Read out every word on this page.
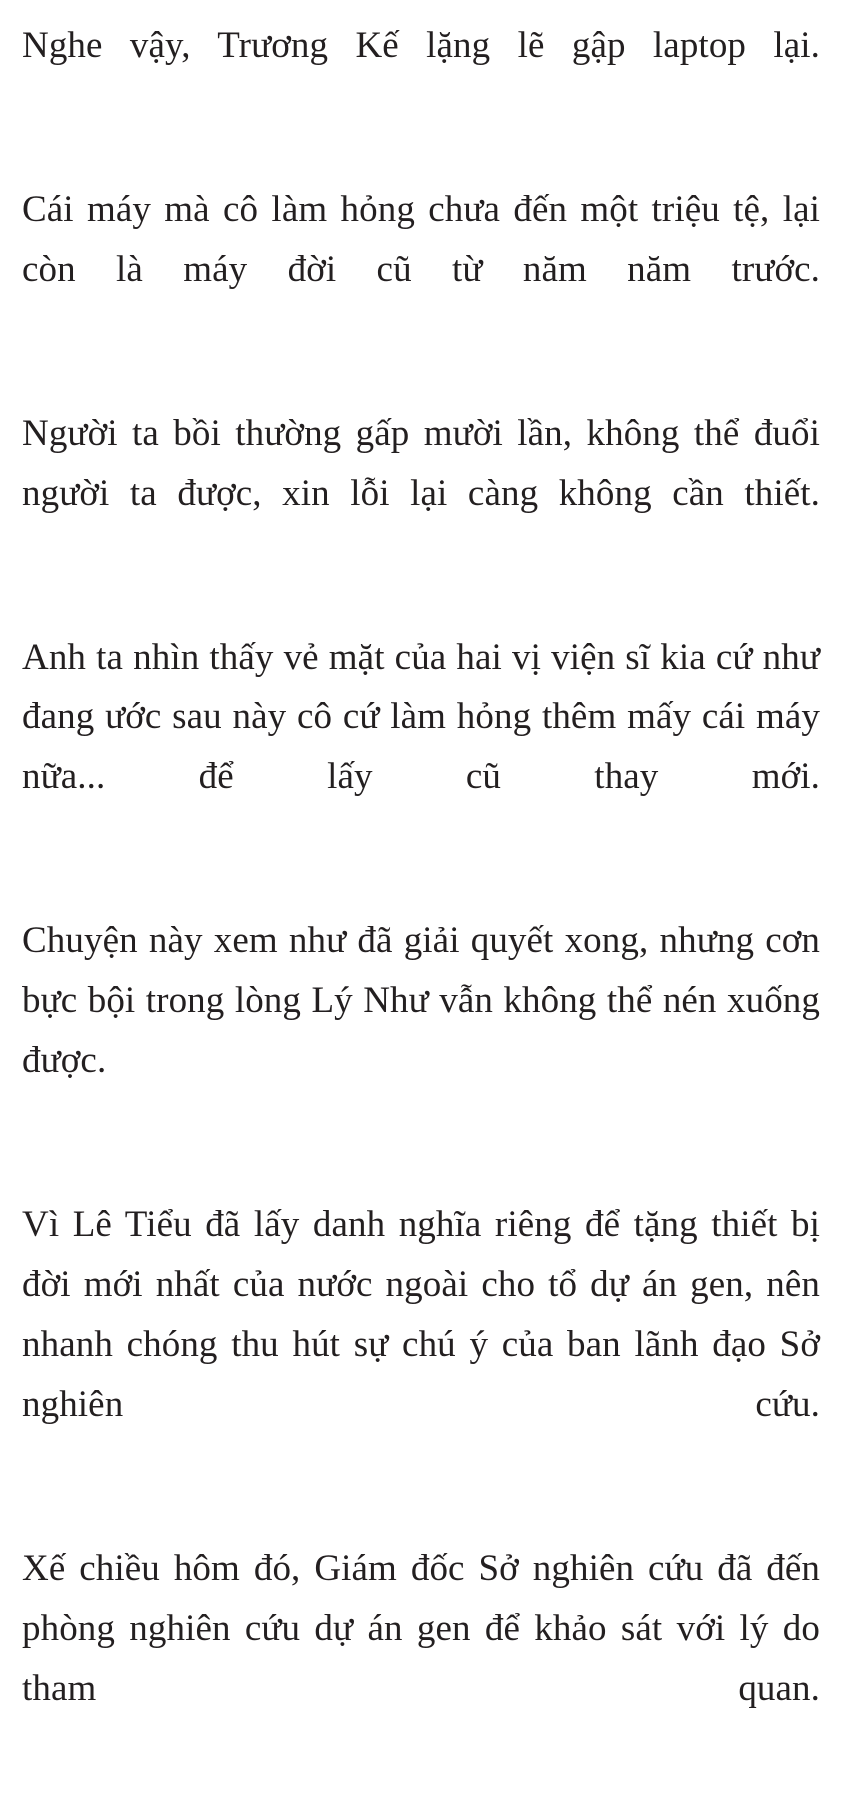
Nghe vậy, Trương Kế lặng lẽ gập laptop lại.

Cái máy mà cô làm hỏng chưa đến một triệu tệ, lại còn là máy đời cũ từ năm năm trước.

Người ta bồi thường gấp mười lần, không thể đuổi người ta được, xin lỗi lại càng không cần thiết.

Anh ta nhìn thấy vẻ mặt của hai vị viện sĩ kia cứ như đang ước sau này cô cứ làm hỏng thêm mấy cái máy nữa... để lấy cũ thay mới.

Chuyện này xem như đã giải quyết xong, nhưng cơn bực bội trong lòng Lý Như vẫn không thể nén xuống được.

Vì Lê Tiểu đã lấy danh nghĩa riêng để tặng thiết bị đời mới nhất của nước ngoài cho tổ dự án gen, nên nhanh chóng thu hút sự chú ý của ban lãnh đạo Sở nghiên cứu.

Xế chiều hôm đó, Giám đốc Sở nghiên cứu đã đến phòng nghiên cứu dự án gen để khảo sát với lý do tham quan.
